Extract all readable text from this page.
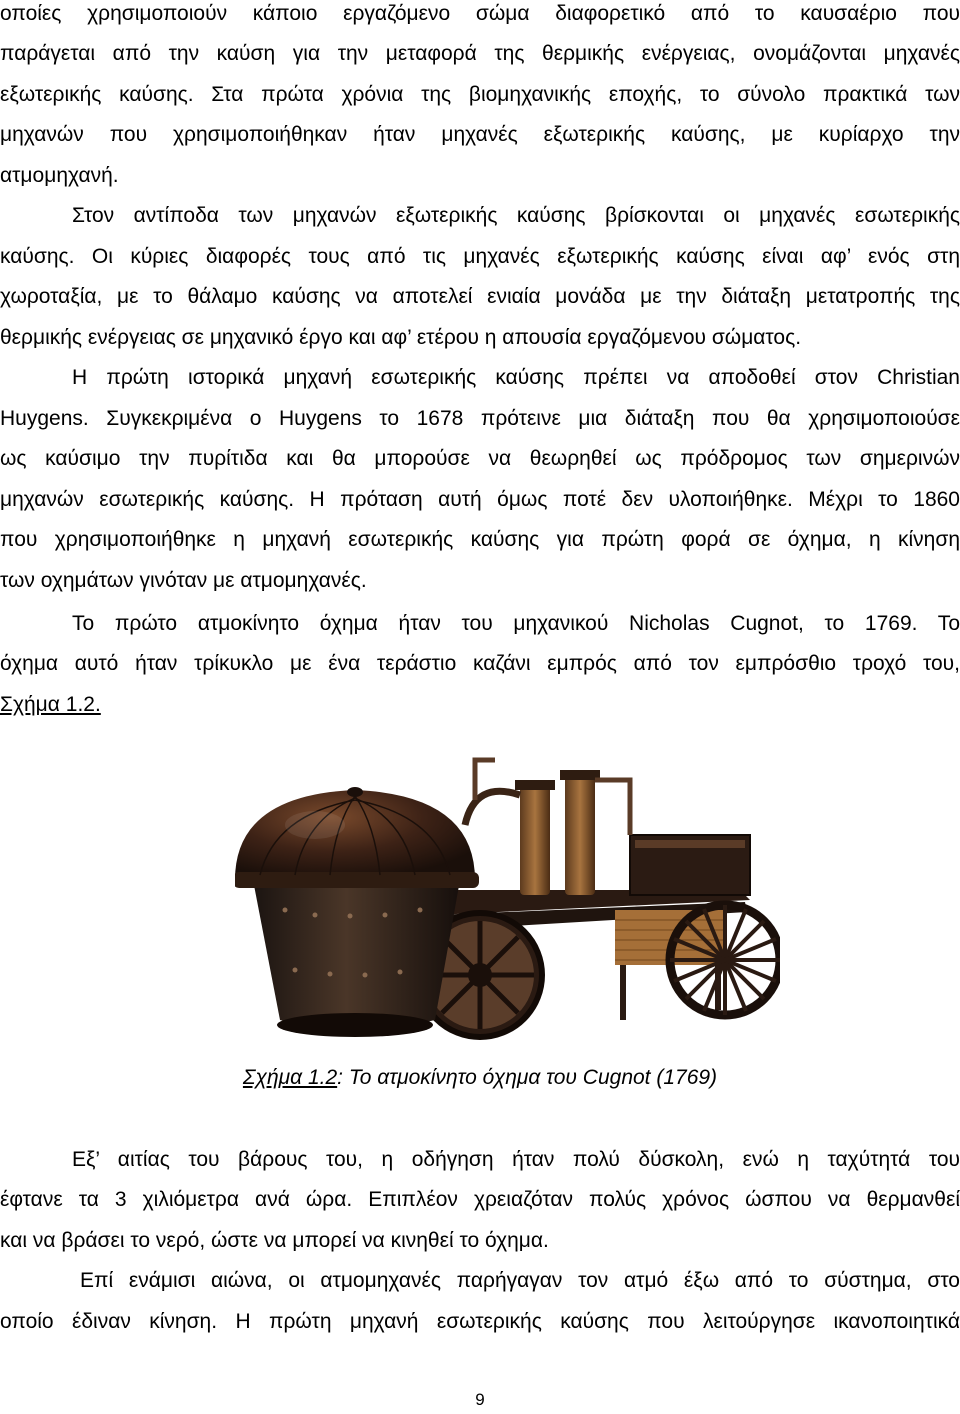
οποίες χρησιμοποιούν κάποιο εργαζόμενο σώμα διαφορετικό από το καυσαέριο που
παράγεται από την καύση για την μεταφορά της θερμικής ενέργειας, ονομάζονται μηχανές
εξωτερικής καύσης. Στα πρώτα χρόνια της βιομηχανικής εποχής, το σύνολο πρακτικά των
μηχανών που χρησιμοποιήθηκαν ήταν μηχανές εξωτερικής καύσης, με κυρίαρχο την
ατμομηχανή.
Στον αντίποδα των μηχανών εξωτερικής καύσης βρίσκονται οι μηχανές εσωτερικής
καύσης. Οι κύριες διαφορές τους από τις μηχανές εξωτερικής καύσης είναι αφ’ ενός στη
χωροταξία, με το θάλαμο καύσης να αποτελεί ενιαία μονάδα με την διάταξη μετατροπής της
θερμικής ενέργειας σε μηχανικό έργο και αφ’ ετέρου η απουσία εργαζόμενου σώματος.
Η πρώτη ιστορικά μηχανή εσωτερικής καύσης πρέπει να αποδοθεί στον Christian
Huygens. Συγκεκριμένα ο Huygens το 1678 πρότεινε μια διάταξη που θα χρησιμοποιούσε
ως καύσιμο την πυρίτιδα και θα μπορούσε να θεωρηθεί ως πρόδρομος των σημερινών
μηχανών εσωτερικής καύσης. Η πρόταση αυτή όμως ποτέ δεν υλοποιήθηκε. Μέχρι το 1860
που χρησιμοποιήθηκε η μηχανή εσωτερικής καύσης για πρώτη φορά σε όχημα, η κίνηση
των οχημάτων γινόταν με ατμομηχανές.
Το πρώτο ατμοκίνητο όχημα ήταν του μηχανικού Nicholas Cugnot, το 1769. Το
όχημα αυτό ήταν τρίκυκλο με ένα τεράστιο καζάνι εμπρός από τον εμπρόσθιο τροχό του,
Σχήμα 1.2.
Σχήμα 1.2: Το ατμοκίνητο όχημα του Cugnot (1769)
Εξ’ αιτίας του βάρους του, η οδήγηση ήταν πολύ δύσκολη, ενώ η ταχύτητά του
έφτανε τα 3 χιλιόμετρα ανά ώρα. Επιπλέον χρειαζόταν πολύς χρόνος ώσπου να θερμανθεί
και να βράσει το νερό, ώστε να μπορεί να κινηθεί το όχημα.
Επί ενάμισι αιώνα, οι ατμομηχανές παρήγαγαν τον ατμό έξω από το σύστημα, στο
οποίο έδιναν κίνηση. Η πρώτη μηχανή εσωτερικής καύσης που λειτούργησε ικανοποιητικά
9
